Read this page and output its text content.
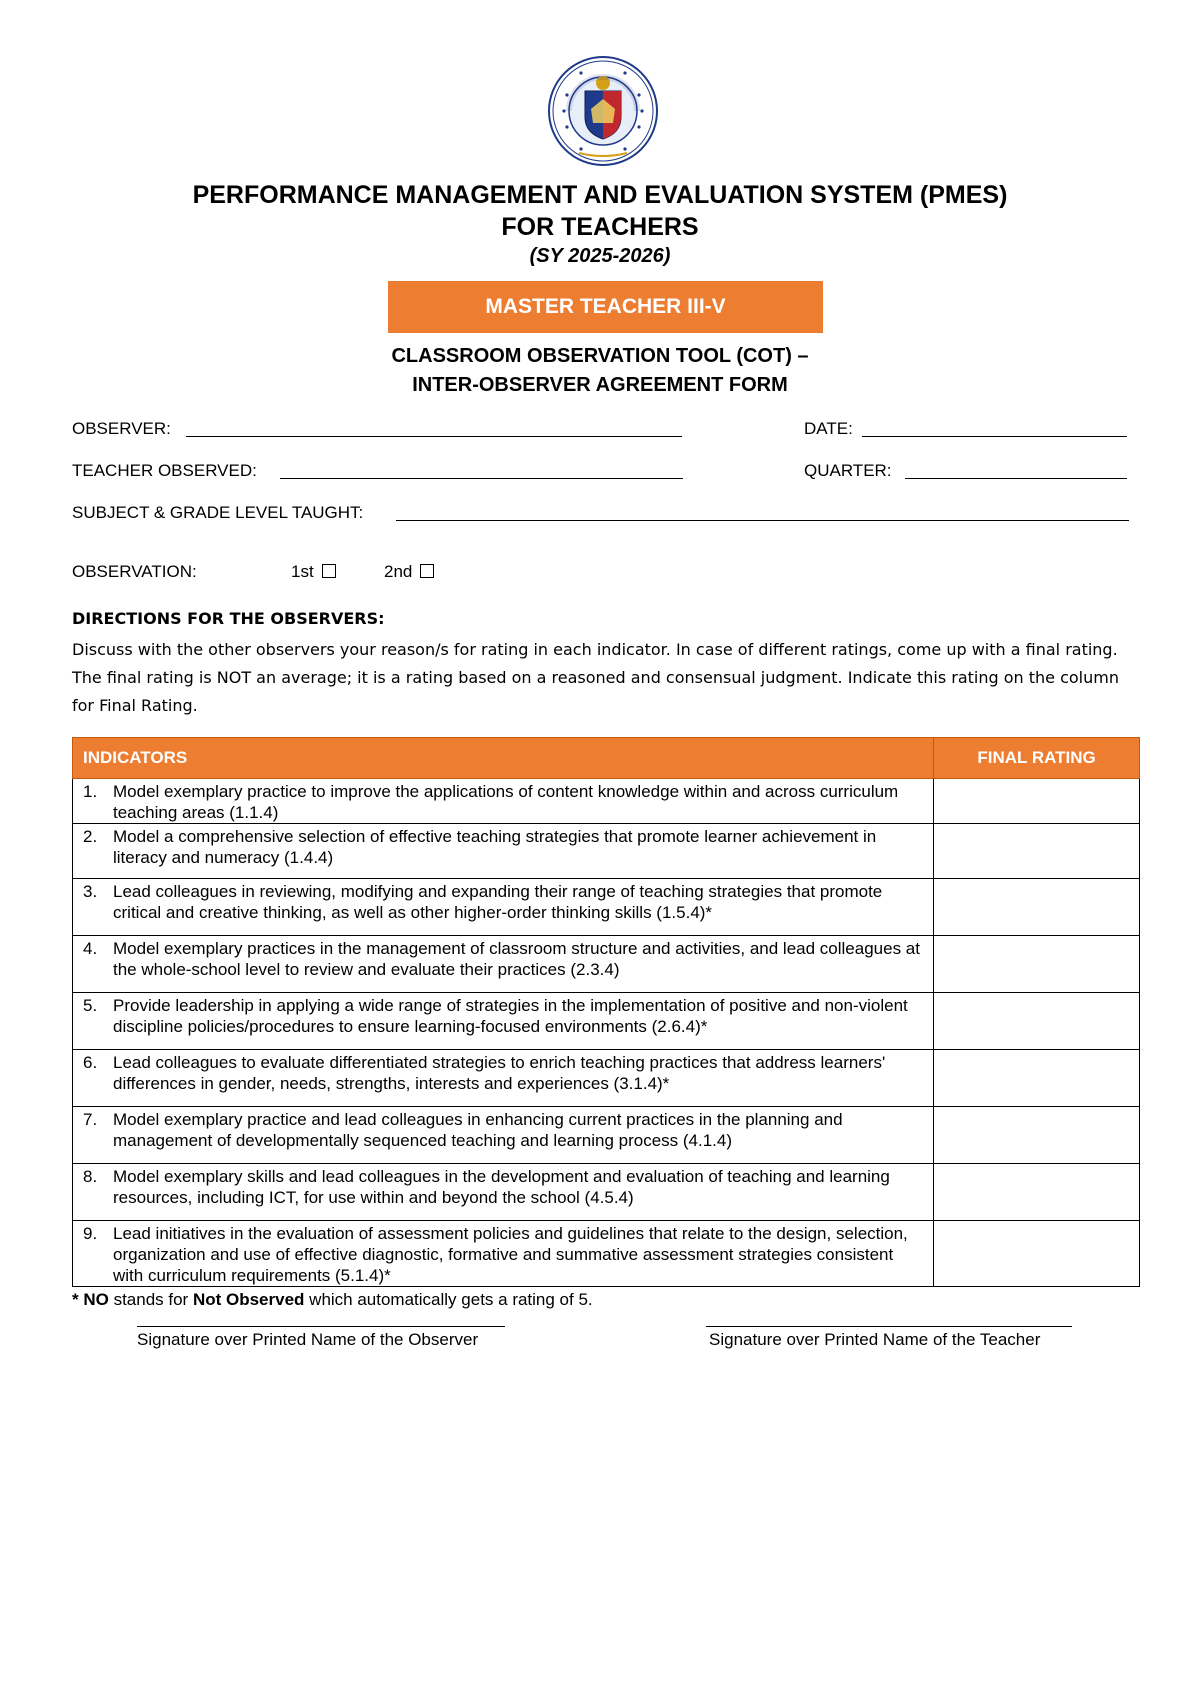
PERFORMANCE MANAGEMENT AND EVALUATION SYSTEM (PMES)
FOR TEACHERS
(SY 2025-2026)
MASTER TEACHER III-V
CLASSROOM OBSERVATION TOOL (COT) –
INTER-OBSERVER AGREEMENT FORM
OBSERVER:	DATE:
TEACHER OBSERVED:	QUARTER:
SUBJECT & GRADE LEVEL TAUGHT:
OBSERVATION:	1st	2nd
DIRECTIONS FOR THE OBSERVERS:
Discuss with the other observers your reason/s for rating in each indicator. In case of different ratings, come up with a final rating. The final rating is NOT an average; it is a rating based on a reasoned and consensual judgment. Indicate this rating on the column for Final Rating.
INDICATORS	FINAL RATING

1. Model exemplary practice to improve the applications of content knowledge within and across curriculum teaching areas (1.1.4)	

2. Model a comprehensive selection of effective teaching strategies that promote learner achievement in literacy and numeracy (1.4.4)	

3. Lead colleagues in reviewing, modifying and expanding their range of teaching strategies that promote critical and creative thinking, as well as other higher-order thinking skills (1.5.4)*	

4. Model exemplary practices in the management of classroom structure and activities, and lead colleagues at the whole-school level to review and evaluate their practices (2.3.4)	

5. Provide leadership in applying a wide range of strategies in the implementation of positive and non-violent discipline policies/procedures to ensure learning-focused environments (2.6.4)*	

6. Lead colleagues to evaluate differentiated strategies to enrich teaching practices that address learners' differences in gender, needs, strengths, interests and experiences (3.1.4)*	

7. Model exemplary practice and lead colleagues in enhancing current practices in the planning and management of developmentally sequenced teaching and learning process (4.1.4)	

8. Model exemplary skills and lead colleagues in the development and evaluation of teaching and learning resources, including ICT, for use within and beyond the school (4.5.4)	

9. Lead initiatives in the evaluation of assessment policies and guidelines that relate to the design, selection, organization and use of effective diagnostic, formative and summative assessment strategies consistent with curriculum requirements (5.1.4)*	

* NO stands for Not Observed which automatically gets a rating of 5.
Signature over Printed Name of the Observer	Signature over Printed Name of the Teacher
